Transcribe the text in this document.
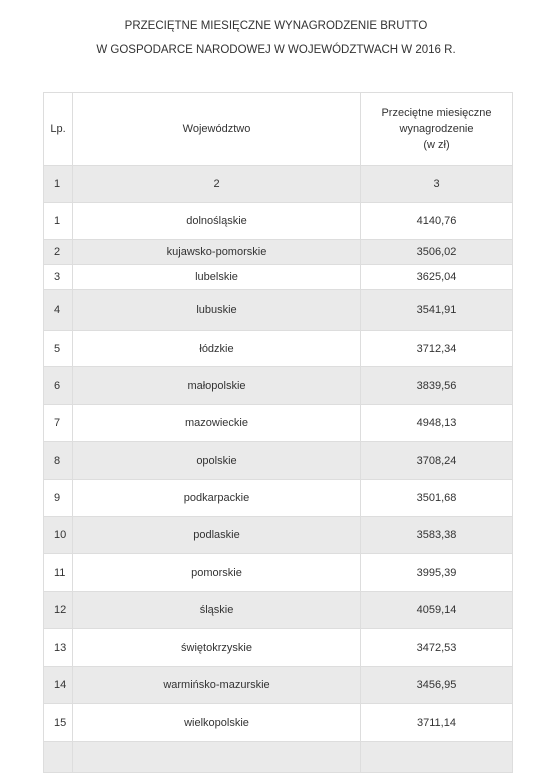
PRZECIĘTNE MIESIĘCZNE WYNAGRODZENIE BRUTTO
W GOSPODARCE NARODOWEJ W WOJEWÓDZTWACH W 2016 R.
Lp.	Województwo	Przeciętne miesięczne
wynagrodzenie
(w zł)

1	2	3
1	dolnośląskie	4140,76
2	kujawsko-pomorskie	3506,02
3	lubelskie	3625,04
4	lubuskie	3541,91
5	łódzkie	3712,34
6	małopolskie	3839,56
7	mazowieckie	4948,13
8	opolskie	3708,24
9	podkarpackie	3501,68
10	podlaskie	3583,38
11	pomorskie	3995,39
12	śląskie	4059,14
13	świętokrzyskie	3472,53
14	warmińsko-mazurskie	3456,95
15	wielkopolskie	3711,14
